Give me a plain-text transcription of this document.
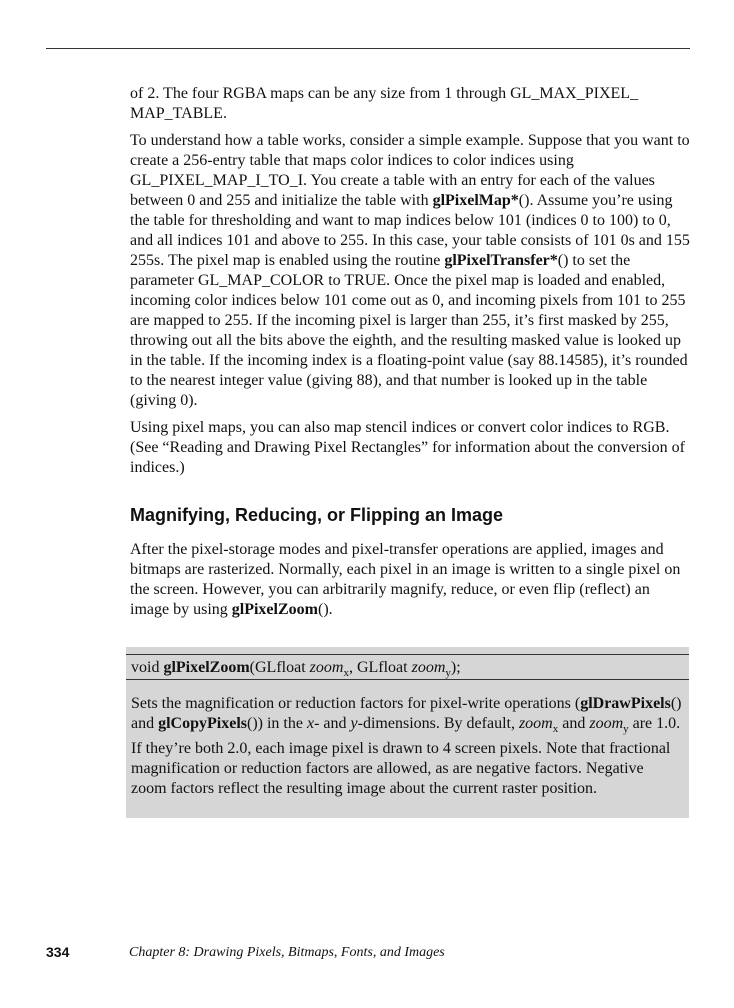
of 2. The four RGBA maps can be any size from 1 through GL_MAX_PIXEL_ MAP_TABLE.

To understand how a table works, consider a simple example. Suppose that you want to create a 256-entry table that maps color indices to color indices using GL_PIXEL_MAP_I_TO_I. You create a table with an entry for each of the values between 0 and 255 and initialize the table with glPixelMap*(). Assume you’re using the table for thresholding and want to map indices below 101 (indices 0 to 100) to 0, and all indices 101 and above to 255. In this case, your table consists of 101 0s and 155 255s. The pixel map is enabled using the routine glPixelTransfer*() to set the parameter GL_MAP_COLOR to TRUE. Once the pixel map is loaded and enabled, incoming color indices below 101 come out as 0, and incoming pixels from 101 to 255 are mapped to 255. If the incoming pixel is larger than 255, it’s first masked by 255, throwing out all the bits above the eighth, and the resulting masked value is looked up in the table. If the incoming index is a floating-point value (say 88.14585), it’s rounded to the nearest integer value (giving 88), and that number is looked up in the table (giving 0).

Using pixel maps, you can also map stencil indices or convert color indices to RGB. (See “Reading and Drawing Pixel Rectangles” for information about the conversion of indices.)

Magnifying, Reducing, or Flipping an Image

After the pixel-storage modes and pixel-transfer operations are applied, images and bitmaps are rasterized. Normally, each pixel in an image is written to a single pixel on the screen. However, you can arbitrarily magnify, reduce, or even flip (reflect) an image by using glPixelZoom().

void glPixelZoom(GLfloat zoom$_x$, GLfloat zoom$_y$);

Sets the magnification or reduction factors for pixel-write operations (glDrawPixels() and glCopyPixels()) in the x- and y-dimensions. By default, zoom$_x$ and zoom$_y$ are 1.0. If they’re both 2.0, each image pixel is drawn to 4 screen pixels. Note that fractional magnification or reduction factors are allowed, as are negative factors. Negative zoom factors reflect the resulting image about the current raster position.

334	Chapter 8: Drawing Pixels, Bitmaps, Fonts, and Images
